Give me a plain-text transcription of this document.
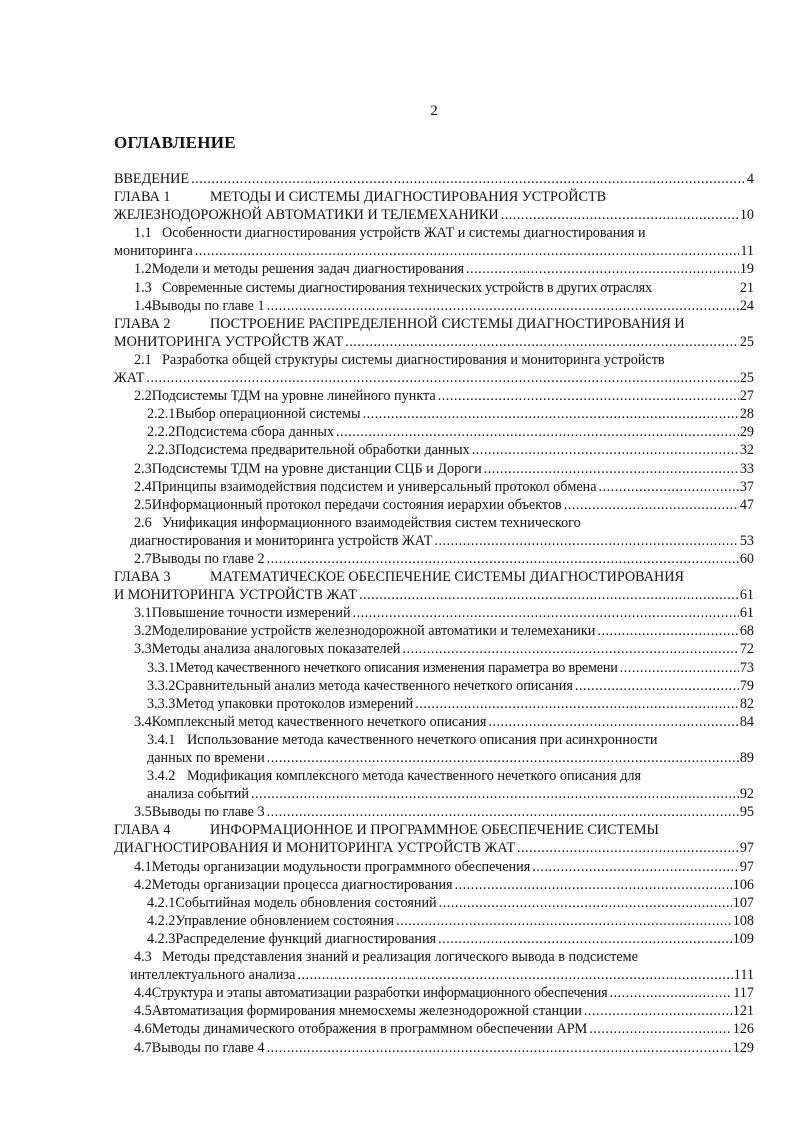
2
ОГЛАВЛЕНИЕ
ВВЕДЕНИЕ .....	4
ГЛАВА 1	МЕТОДЫ И СИСТЕМЫ ДИАГНОСТИРОВАНИЯ УСТРОЙСТВ
ЖЕЛЕЗНОДОРОЖНОЙ АВТОМАТИКИ И ТЕЛЕМЕХАНИКИ .....	10
1.1 Особенности диагностирования устройств ЖАТ и системы диагностирования и
мониторинга .....	11
1.2 Модели и методы решения задач диагностирования .....	19
1.3 Современные системы диагностирования технических устройств в других отраслях	21
1.4 Выводы по главе 1 .....	24
ГЛАВА 2	ПОСТРОЕНИЕ РАСПРЕДЕЛЕННОЙ СИСТЕМЫ ДИАГНОСТИРОВАНИЯ И
МОНИТОРИНГА УСТРОЙСТВ ЖАТ .....	25
2.1 Разработка общей структуры системы диагностирования и мониторинга устройств
ЖАТ .....	25
2.2 Подсистемы ТДМ на уровне линейного пункта .....	27
2.2.1 Выбор операционной системы .....	28
2.2.2 Подсистема сбора данных .....	29
2.2.3 Подсистема предварительной обработки данных .....	32
2.3 Подсистемы ТДМ на уровне дистанции СЦБ и Дороги .....	33
2.4 Принципы взаимодействия подсистем и универсальный протокол обмена .....	37
2.5 Информационный протокол передачи состояния иерархии объектов .....	47
2.6 Унификация информационного взаимодействия систем технического
диагностирования и мониторинга устройств ЖАТ .....	53
2.7 Выводы по главе 2 .....	60
ГЛАВА 3	МАТЕМАТИЧЕСКОЕ ОБЕСПЕЧЕНИЕ СИСТЕМЫ ДИАГНОСТИРОВАНИЯ
И МОНИТОРИНГА УСТРОЙСТВ ЖАТ .....	61
3.1 Повышение точности измерений .....	61
3.2 Моделирование устройств железнодорожной автоматики и телемеханики .....	68
3.3 Методы анализа аналоговых показателей .....	72
3.3.1 Метод качественного нечеткого описания изменения параметра во времени .....	73
3.3.2 Сравнительный анализ метода качественного нечеткого описания .....	79
3.3.3 Метод упаковки протоколов измерений .....	82
3.4 Комплексный метод качественного нечеткого описания .....	84
3.4.1 Использование метода качественного нечеткого описания при асинхронности
данных по времени .....	89
3.4.2 Модификация комплексного метода качественного нечеткого описания для
анализа событий .....	92
3.5 Выводы по главе 3 .....	95
ГЛАВА 4	ИНФОРМАЦИОННОЕ И ПРОГРАММНОЕ ОБЕСПЕЧЕНИЕ СИСТЕМЫ
ДИАГНОСТИРОВАНИЯ И МОНИТОРИНГА УСТРОЙСТВ ЖАТ .....	97
4.1 Методы организации модульности программного обеспечения .....	97
4.2 Методы организации процесса диагностирования .....	106
4.2.1 Событийная модель обновления состояний .....	107
4.2.2 Управление обновлением состояния .....	108
4.2.3 Распределение функций диагностирования .....	109
4.3 Методы представления знаний и реализация логического вывода в подсистеме
интеллектуального анализа .....	111
4.4 Структура и этапы автоматизации разработки информационного обеспечения .....	117
4.5 Автоматизация формирования мнемосхемы железнодорожной станции .....	121
4.6 Методы динамического отображения в программном обеспечении АРМ .....	126
4.7 Выводы по главе 4 .....	129
